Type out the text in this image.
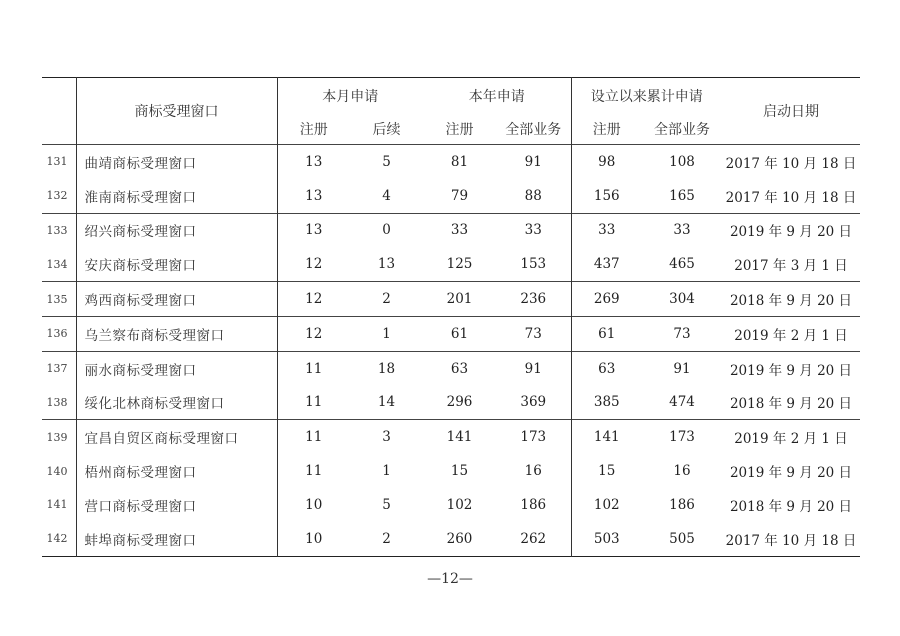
	商标受理窗口	本月申请		本年申请		设立以来累计申请		启动日期
		注册	后续	注册	全部业务	注册	全部业务	
131	曲靖商标受理窗口	13	5	81	91	98	108	2017 年 10 月 18 日
132	淮南商标受理窗口	13	4	79	88	156	165	2017 年 10 月 18 日
133	绍兴商标受理窗口	13	0	33	33	33	33	2019 年 9 月 20 日
134	安庆商标受理窗口	12	13	125	153	437	465	2017 年 3 月 1 日
135	鸡西商标受理窗口	12	2	201	236	269	304	2018 年 9 月 20 日
136	乌兰察布商标受理窗口	12	1	61	73	61	73	2019 年 2 月 1 日
137	丽水商标受理窗口	11	18	63	91	63	91	2019 年 9 月 20 日
138	绥化北林商标受理窗口	11	14	296	369	385	474	2018 年 9 月 20 日
139	宜昌自贸区商标受理窗口	11	3	141	173	141	173	2019 年 2 月 1 日
140	梧州商标受理窗口	11	1	15	16	15	16	2019 年 9 月 20 日
141	营口商标受理窗口	10	5	102	186	102	186	2018 年 9 月 20 日
142	蚌埠商标受理窗口	10	2	260	262	503	505	2017 年 10 月 18 日
—12—
